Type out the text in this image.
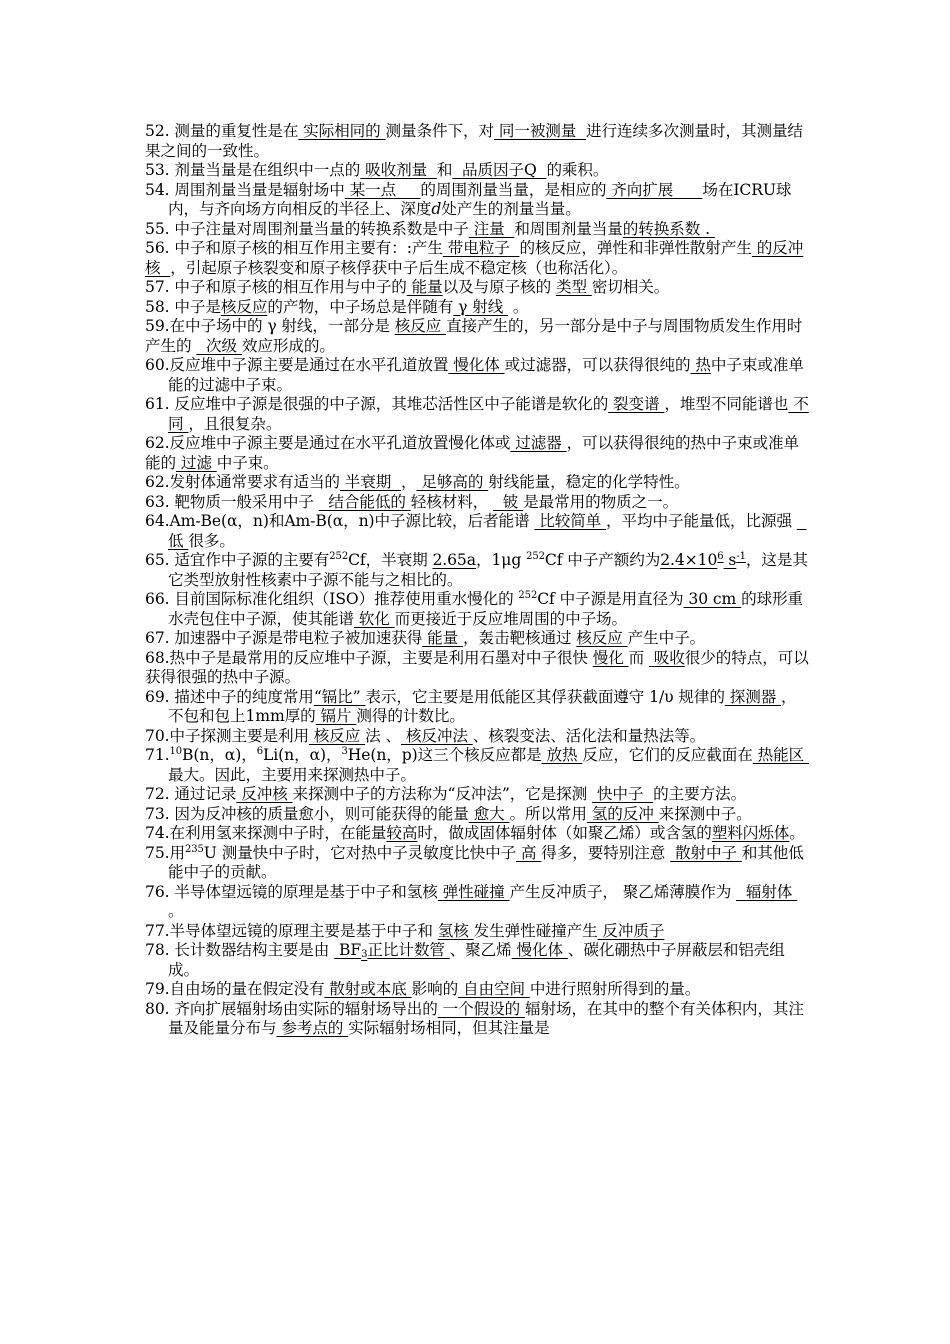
52. 测量的重复性是在 实际相同的 测量条件下，对 同一被测量  进行连续多次测量时，其测量结果之间的一致性。

53. 剂量当量是在组织中一点的 吸收剂量  和  品质因子Q  的乘积。

54. 周围剂量当量是辐射场中 某一点     的周围剂量当量，是相应的 齐向扩展      场在ICRU球内，与齐向场方向相反的半径上、深度d处产生的剂量当量。

55. 中子注量对周围剂量当量的转换系数是中子 注量  和周围剂量当量的转换系数 .

56. 中子和原子核的相互作用主要有：:产生 带电粒子  的核反应，弹性和非弹性散射产生 的反冲核  ，引起原子核裂变和原子核俘获中子后生成不稳定核（也称活化）。

57. 中子和原子核的相互作用与中子的 能量以及与原子核的 类型 密切相关。

58. 中子是核反应的产物，中子场总是伴随有 γ 射线  。

59.在中子场中的 γ 射线，一部分是 核反应 直接产生的，另一部分是中子与周围物质发生作用时产生的   次级 效应形成的。

60.反应堆中子源主要是通过在水平孔道放置 慢化体 或过滤器，可以获得很纯的 热中子束或准单能的过滤中子束。

61. 反应堆中子源是很强的中子源，其堆芯活性区中子能谱是软化的 裂变谱 ，堆型不同能谱也 不同 ，且很复杂。

62.反应堆中子源主要是通过在水平孔道放置慢化体或 过滤器 ，可以获得很纯的热中子束或准单能的 过滤 中子束。

62.发射体通常要求有适当的 半衰期  ， 足够高的 射线能量，稳定的化学特性。

63. 靶物质一般采用中子   结合能低的 轻核材料，   铍 是最常用的物质之一。

64.Am-Be(α，n)和Am-B(α，n)中子源比较，后者能谱  比较简单 ，平均中子能量低，比源强   低 很多。

65. 适宜作中子源的主要有$^{252}$Cf，半衰期 2.65a，1μg $^{252}$Cf 中子产额约为$2.4\times 10^6$ $s^{-1}$，这是其它类型放射性核素中子源不能与之相比的。

66. 目前国际标准化组织（ISO）推荐使用重水慢化的 $^{252}$Cf 中子源是用直径为 30 cm 的球形重水壳包住中子源，使其能谱 软化 而更接近于反应堆周围的中子场。

67. 加速器中子源是带电粒子被加速获得 能量 ，轰击靶核通过 核反应 产生中子。

68.热中子是最常用的反应堆中子源，主要是利用石墨对中子很快 慢化 而  吸收很少的特点，可以获得很强的热中子源。

69. 描述中子的纯度常用“镉比” 表示，它主要是用低能区其俘获截面遵守 1/υ 规律的 探测器 ，不包和包上1mm厚的 镉片 测得的计数比。

70.中子探测主要是利用 核反应 法 、 核反冲法 、核裂变法、活化法和量热法等。

71.10B(n，α)，$^6$Li(n，α)，$^3$He(n，p)这三个核反应都是 放热 反应，它们的反应截面在 热能区 最大。因此，主要用来探测热中子。

72. 通过记录 反冲核 来探测中子的方法称为“反冲法”，它是探测  快中子  的主要方法。

73. 因为反冲核的质量愈小，则可能获得的能量 愈大 。所以常用 氢的反冲 来探测中子。

74.在利用氢来探测中子时，在能量较高时，做成固体辐射体（如聚乙烯）或含氢的塑料闪烁体。

75.用$^{235}$U 测量快中子时，它对热中子灵敏度比快中子 高 得多，要特别注意  散射中子 和其他低能中子的贡献。

76. 半导体望远镜的原理是基于中子和氢核 弹性碰撞 产生反冲质子， 聚乙烯薄膜作为   辐射体 。

77.半导体望远镜的原理主要是基于中子和 氢核 发生弹性碰撞产生 反冲质子

78. 长计数器结构主要是由  $BF_3$正比计数管 、聚乙烯 慢化体 、碳化硼热中子屏蔽层和铝壳组成。

79.自由场的量在假定没有 散射或本底 影响的 自由空间 中进行照射所得到的量。

80. 齐向扩展辐射场由实际的辐射场导出的 一个假设的 辐射场，在其中的整个有关体积内，其注量及能量分布与 参考点的 实际辐射场相同，但其注量是
